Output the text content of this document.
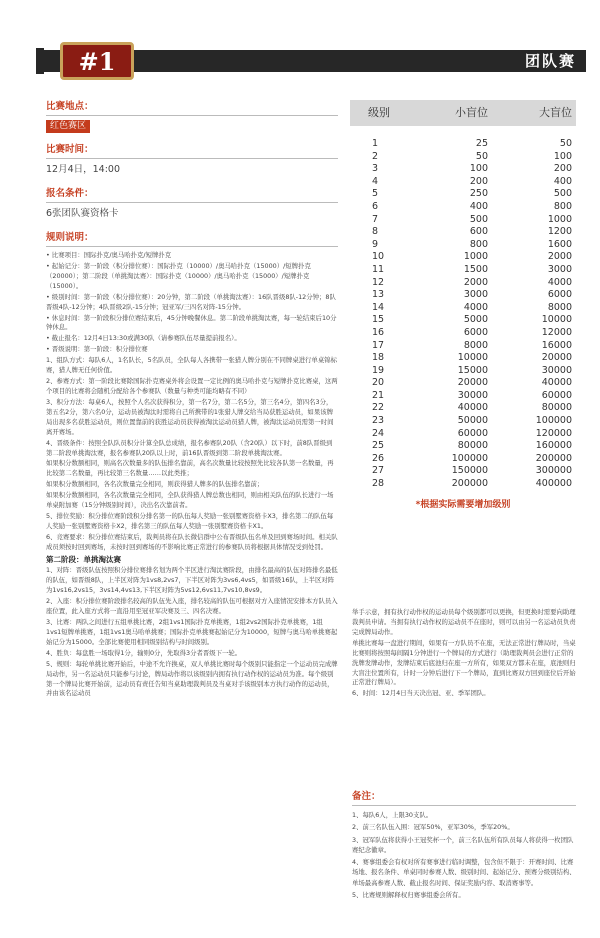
#1	团队赛
比赛地点：
红色赛区
比赛时间：
12月4日，14:00
报名条件：
6张团队赛资格卡
规则说明：

• 比赛项目：国际扑克/奥马哈扑克/短牌扑克

• 起始记分：第一阶段（积分排位赛）：国际扑克（10000）/奥马哈扑克（15000）/短牌扑克（20000）；第二阶段（单挑淘汰赛）：国际扑克（10000）/奥马哈扑克（15000）/短牌扑克（15000）。

• 级别时间：第一阶段（积分排位赛）：20分钟，第二阶段（单挑淘汰赛）：16队晋级8队-12分钟；8队晋级4队-12分钟；4队晋级2队-15分钟；冠亚军/三四名对阵-15分钟。

• 休息时间：第一阶段积分排位赛结束后，45分钟晚餐休息。第二阶段单挑淘汰赛，每一轮结束后10分钟休息。

• 截止报名：12月4日13:30或满30队（请参赛队伍尽量提前报名）。

• 晋级说明：第一阶段：积分排位赛

1、组队方式：每队6人，1名队长，5名队员，全队每人各携带一张猎人牌分别在不同牌桌进行单桌锦标赛，猎人牌无任何价值。

2、参赛方式：第一阶段比赛除国际扑克赛桌外将会设置一定比例的奥马哈扑克与短牌扑克比赛桌，这两个项目的比赛将会随机分配给各个参赛队（数量与种类可能均略有不同）

3、积分方法：每桌6人，按照个人名次获得积分，第一名7分，第二名5分，第三名4分，第四名3分，第五名2分，第六名0分，运动员被淘汰时需将自己所携带的1张猎人牌交给当局获胜运动员，如果该牌局出现多名获胜运动员，则位置靠前的获胜运动员获得被淘汰运动员猎人牌，被淘汰运动员需第一时间离开赛场。

4、晋级条件：按照全队队员积分计算全队总成绩，报名参赛队20队（含20队）以下时，前8队晋级到第二阶段单挑淘汰赛，报名参赛队20队以上时，前16队晋级到第二阶段单挑淘汰赛。

如果积分数额相同，则高名次数量多的队伍排名靠前，高名次数量比较按照先比较各队第一名数量，再比较第二名数量，再比较第三名数量……以此类推；

如果积分数额相同，各名次数量完全相同，则获得猎人牌多的队伍排名靠前；

如果积分数额相同，各名次数量完全相同，全队获得猎人牌总数也相同，则由相关队伍的队长进行一场单桌附加赛（15分钟级别时间），决出名次靠前者。

5、排位奖励：积分排位赛阶段积分排名第一的队伍每人奖励一张别墅赛资格卡X3，排名第二的队伍每人奖励一张别墅赛资格卡X2，排名第三的队伍每人奖励一张别墅赛资格卡X1。

6、竞赛要求：积分排位赛结束后，裁判员将在队长微信群中公布晋级队伍名单及回到赛场时间。相关队成员须按时回到赛场，未按时回到赛场的不影响比赛正常进行的参赛队员将根据具体情况受到处罚。

第二阶段：单挑淘汰赛

1、对阵：晋级队伍按照积分排位赛排名划为两个半区进行淘汰赛阶段，由排名最高的队伍对阵排名最低的队伍，如晋级8队，上半区对阵为1vs8,2vs7，下半区对阵为3vs6,4vs5，如晋级16队，上半区对阵为1vs16,2vs15，3vs14,4vs13,下半区对阵为5vs12,6vs11,7vs10,8vs9。

2、入座：积分排位赛阶段排名较高的队伍先入座，排名较高的队伍可根据对方入座情况安排本方队员入座位置，此入座方式将一直沿用至冠亚军决赛及三、四名决赛。

3、比赛：两队之间进行五组单挑比赛，2组1vs1国际扑克单挑赛，1组2vs2国际扑克单挑赛，1组1vs1短牌单挑赛，1组1vs1奥马哈单挑赛；国际扑克单挑赛起始记分为10000，短牌与奥马哈单挑赛起始记分为15000。全部比赛使用相同级别结构与时间级别。

4、胜负：每盘胜一场取得1分，输则0分，先取得3分者晋级下一轮。

5、规则：每轮单挑比赛开始后，中途不允许换桌，双人单挑比赛时每个级别只能指定一个运动员完成牌局动作，另一名运动员只能参与讨论，牌局动作将以该级别内拥有执行动作权的运动员为准。每个级别第一个牌局比赛开始前，运动员有责任告知当桌助理裁判员及当桌对手该级别本方执行动作的运动员，并由该名运动员

级别	小盲位	大盲位
1	25	50
2	50	100
3	100	200
4	200	400
5	250	500
6	400	800
7	500	1000
8	600	1200
9	800	1600
10	1000	2000
11	1500	3000
12	2000	4000
13	3000	6000
14	4000	8000
15	5000	10000
16	6000	12000
17	8000	16000
18	10000	20000
19	15000	30000
20	20000	40000
21	30000	60000
22	40000	80000
23	50000	100000
24	60000	120000
25	80000	160000
26	100000	200000
27	150000	300000
28	200000	400000
*根据实际需要增加级别

举手示意，拥有执行动作权的运动员每个级别都可以更换，但更换时需要向助理裁判员申请。当拥有执行动作权的运动员不在座时，则可以由另一名运动员负责完成牌局动作。

单挑比赛每一盘进行期间，如果有一方队员不在座，无法正常进行牌局时，当桌比赛则将按照每间隔1分钟进行一个牌局的方式进行（助理裁判员会进行正常的洗牌发牌动作，发牌结束后底池归在座一方所有，如果双方都未在座，底池则归大盲注位置所有，计时一分钟后进行下一个牌局，直到比赛双方回到座位后开始正常进行牌局）。

6、时间：12月4日当天决出冠、亚、季军团队。

备注：

1、每队6人，上限30支队。

2、前三名队伍入围：冠军50%，亚军30%，季军20%。

3、冠军队伍将获得小王冠奖杯一个，前三名队伍所有队员每人将获得一枚团队赛纪念徽章。

4、赛事组委会有权对所有赛事进行临时调整，包含但不限于：开赛时间、比赛场地、报名条件、单桌同时参赛人数、级别时间、起始记分、预赛分级别结构、单场最高参赛人数、截止报名时间、保证奖励内容、取消赛事等。

5、比赛规则解释权归赛事组委会所有。
